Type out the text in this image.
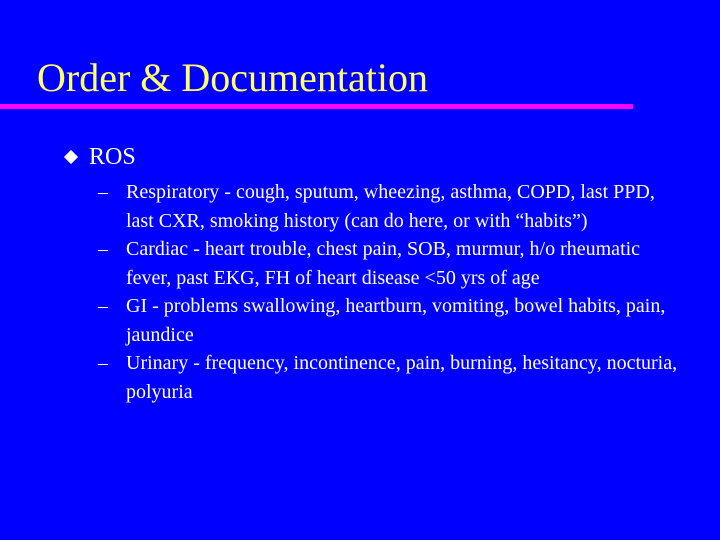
Order & Documentation
ROS
– Respiratory - cough, sputum, wheezing, asthma, COPD, last PPD, last CXR, smoking history (can do here, or with “habits”)
– Cardiac - heart trouble, chest pain, SOB, murmur, h/o rheumatic fever, past EKG, FH of heart disease <50 yrs of age
– GI - problems swallowing, heartburn, vomiting, bowel habits, pain, jaundice
– Urinary - frequency, incontinence, pain, burning, hesitancy, nocturia, polyuria
